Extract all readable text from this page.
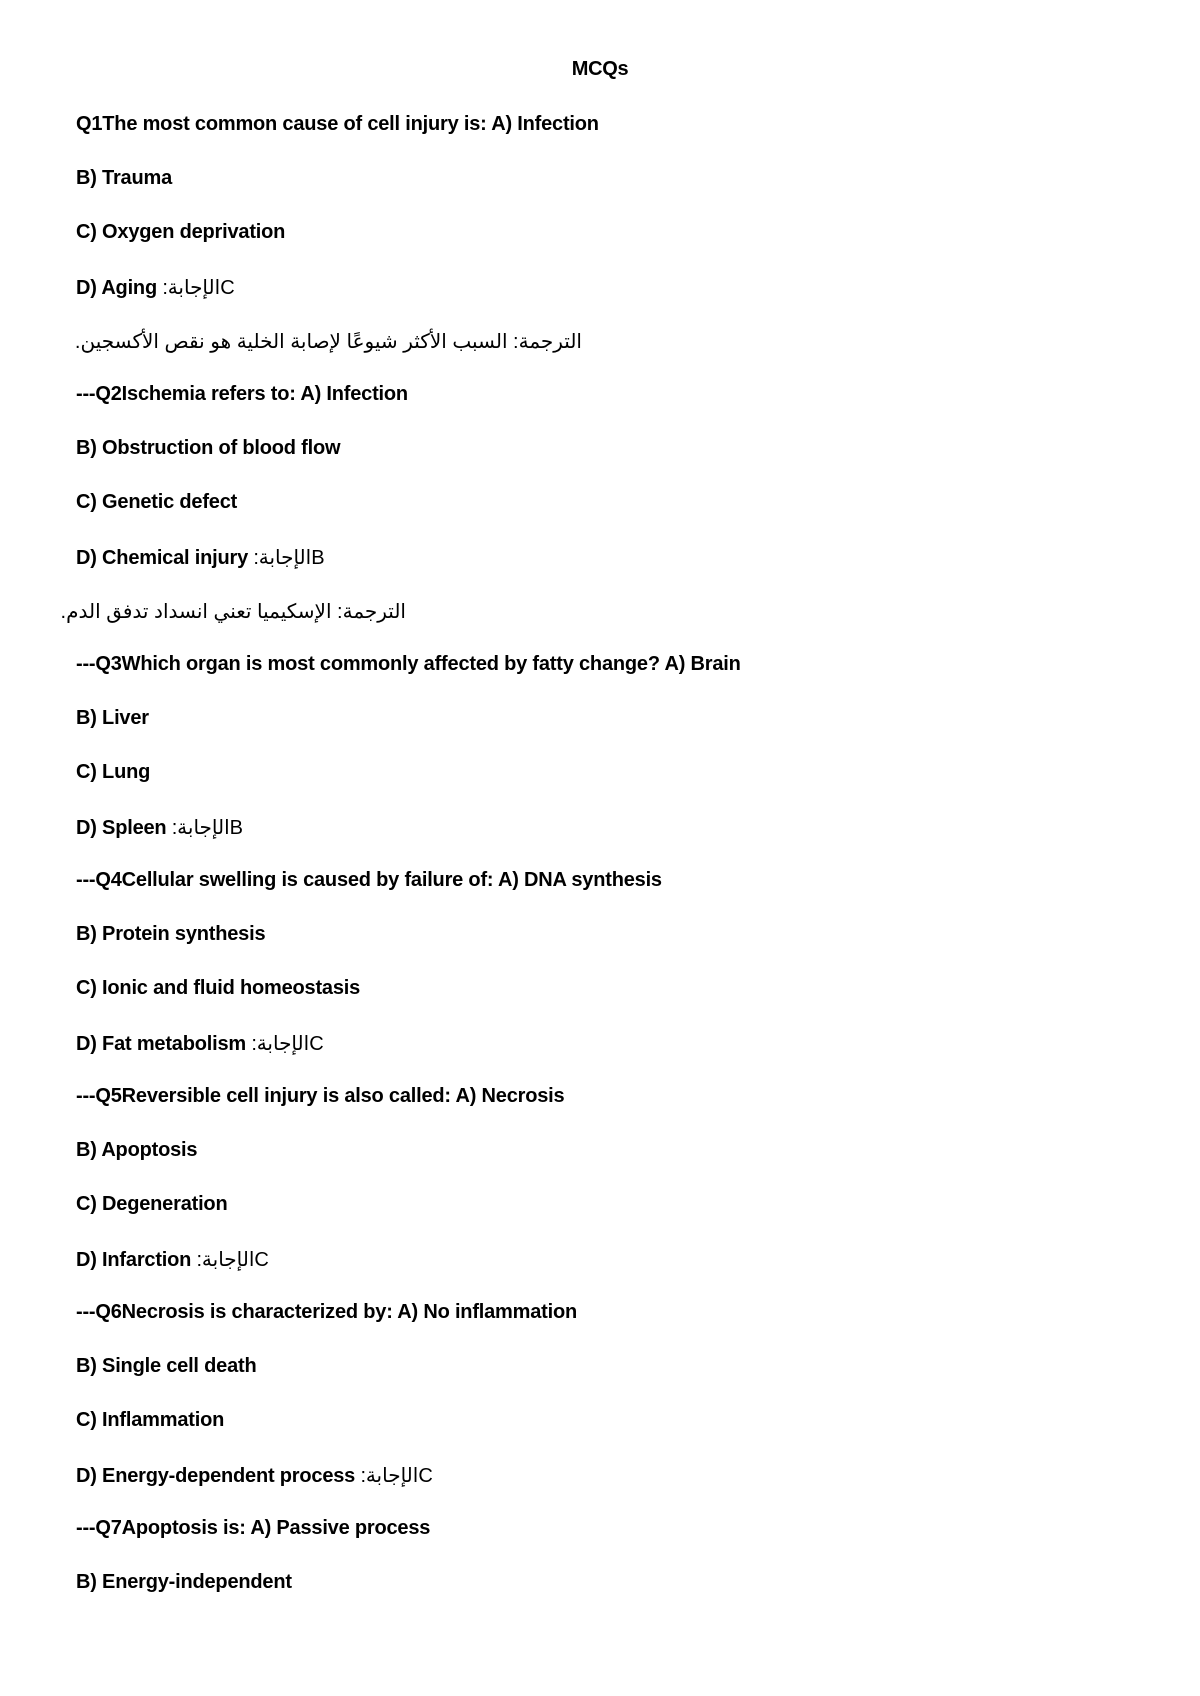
MCQs
Q1The most common cause of cell injury is: A) Infection
B) Trauma
C) Oxygen deprivation
D) Aging :الإجابةC
الترجمة: السبب الأكثر شيوعًا لإصابة الخلية هو نقص الأكسجين.
---Q2Ischemia refers to: A) Infection
B) Obstruction of blood flow
C) Genetic defect
D) Chemical injury :الإجابةB
الترجمة: الإسكيميا تعني انسداد تدفق الدم.
---Q3Which organ is most commonly affected by fatty change? A) Brain
B) Liver
C) Lung
D) Spleen :الإجابةB
---Q4Cellular swelling is caused by failure of: A) DNA synthesis
B) Protein synthesis
C) Ionic and fluid homeostasis
D) Fat metabolism :الإجابةC
---Q5Reversible cell injury is also called: A) Necrosis
B) Apoptosis
C) Degeneration
D) Infarction :الإجابةC
---Q6Necrosis is characterized by: A) No inflammation
B) Single cell death
C) Inflammation
D) Energy-dependent process :الإجابةC
---Q7Apoptosis is: A) Passive process
B) Energy-independent
